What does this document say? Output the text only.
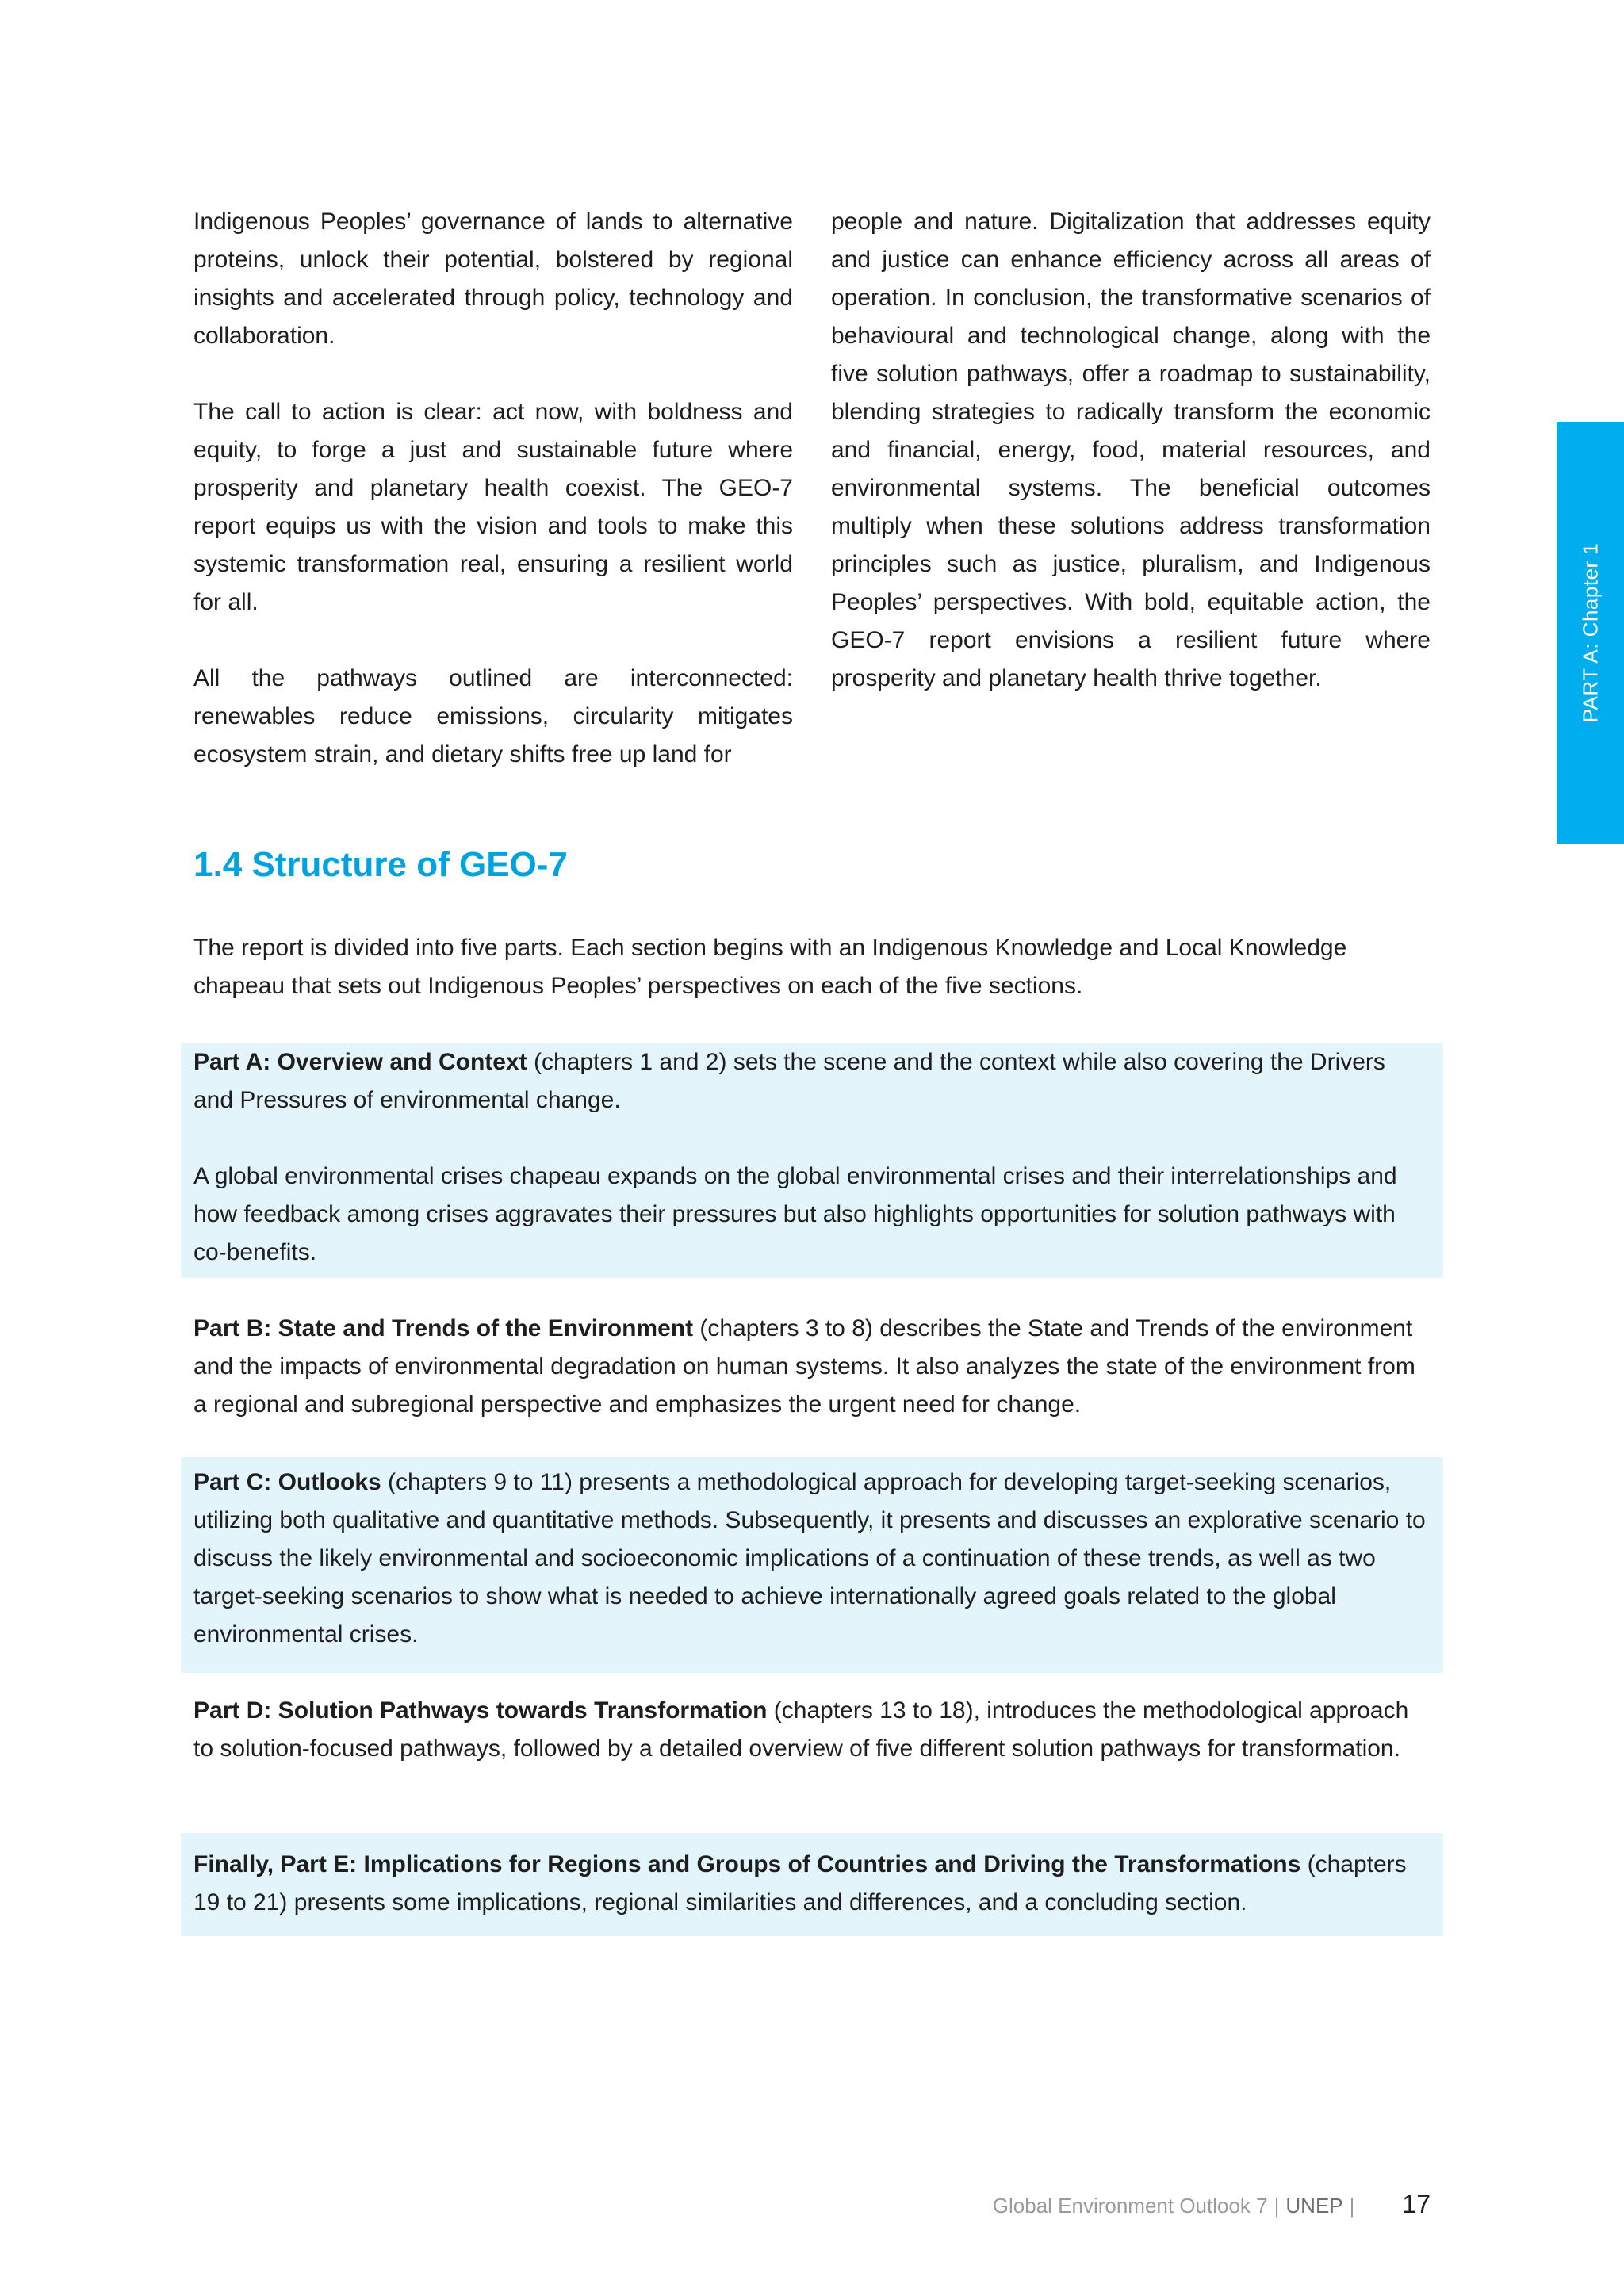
Indigenous Peoples’ governance of lands to alternative proteins, unlock their potential, bolstered by regional insights and accelerated through policy, technology and collaboration.

The call to action is clear: act now, with boldness and equity, to forge a just and sustainable future where prosperity and planetary health coexist. The GEO-7 report equips us with the vision and tools to make this systemic transformation real, ensuring a resilient world for all.

All the pathways outlined are interconnected: renewables reduce emissions, circularity mitigates ecosystem strain, and dietary shifts free up land for

people and nature. Digitalization that addresses equity and justice can enhance efficiency across all areas of operation. In conclusion, the transformative scenarios of behavioural and technological change, along with the five solution pathways, offer a roadmap to sustainability, blending strategies to radically transform the economic and financial, energy, food, material resources, and environmental systems. The beneficial outcomes multiply when these solutions address transformation principles such as justice, pluralism, and Indigenous Peoples’ perspectives. With bold, equitable action, the GEO-7 report envisions a resilient future where prosperity and planetary health thrive together.	PART A: Chapter 1
1.4 Structure of GEO-7

The report is divided into five parts. Each section begins with an Indigenous Knowledge and Local Knowledge chapeau that sets out Indigenous Peoples’ perspectives on each of the five sections.

Part A: Overview and Context (chapters 1 and 2) sets the scene and the context while also covering the Drivers and Pressures of environmental change.

A global environmental crises chapeau expands on the global environmental crises and their interrelationships and how feedback among crises aggravates their pressures but also highlights opportunities for solution pathways with co-benefits.

Part B: State and Trends of the Environment (chapters 3 to 8) describes the State and Trends of the environment and the impacts of environmental degradation on human systems. It also analyzes the state of the environment from a regional and subregional perspective and emphasizes the urgent need for change.

Part C: Outlooks (chapters 9 to 11) presents a methodological approach for developing target-seeking scenarios, utilizing both qualitative and quantitative methods. Subsequently, it presents and discusses an explorative scenario to discuss the likely environmental and socioeconomic implications of a continuation of these trends, as well as two target-seeking scenarios to show what is needed to achieve internationally agreed goals related to the global environmental crises.

Part D: Solution Pathways towards Transformation (chapters 13 to 18), introduces the methodological approach to solution-focused pathways, followed by a detailed overview of five different solution pathways for transformation.

Finally, Part E: Implications for Regions and Groups of Countries and Driving the Transformations (chapters 19 to 21) presents some implications, regional similarities and differences, and a concluding section.

Global Environment Outlook 7 | UNEP | 17
